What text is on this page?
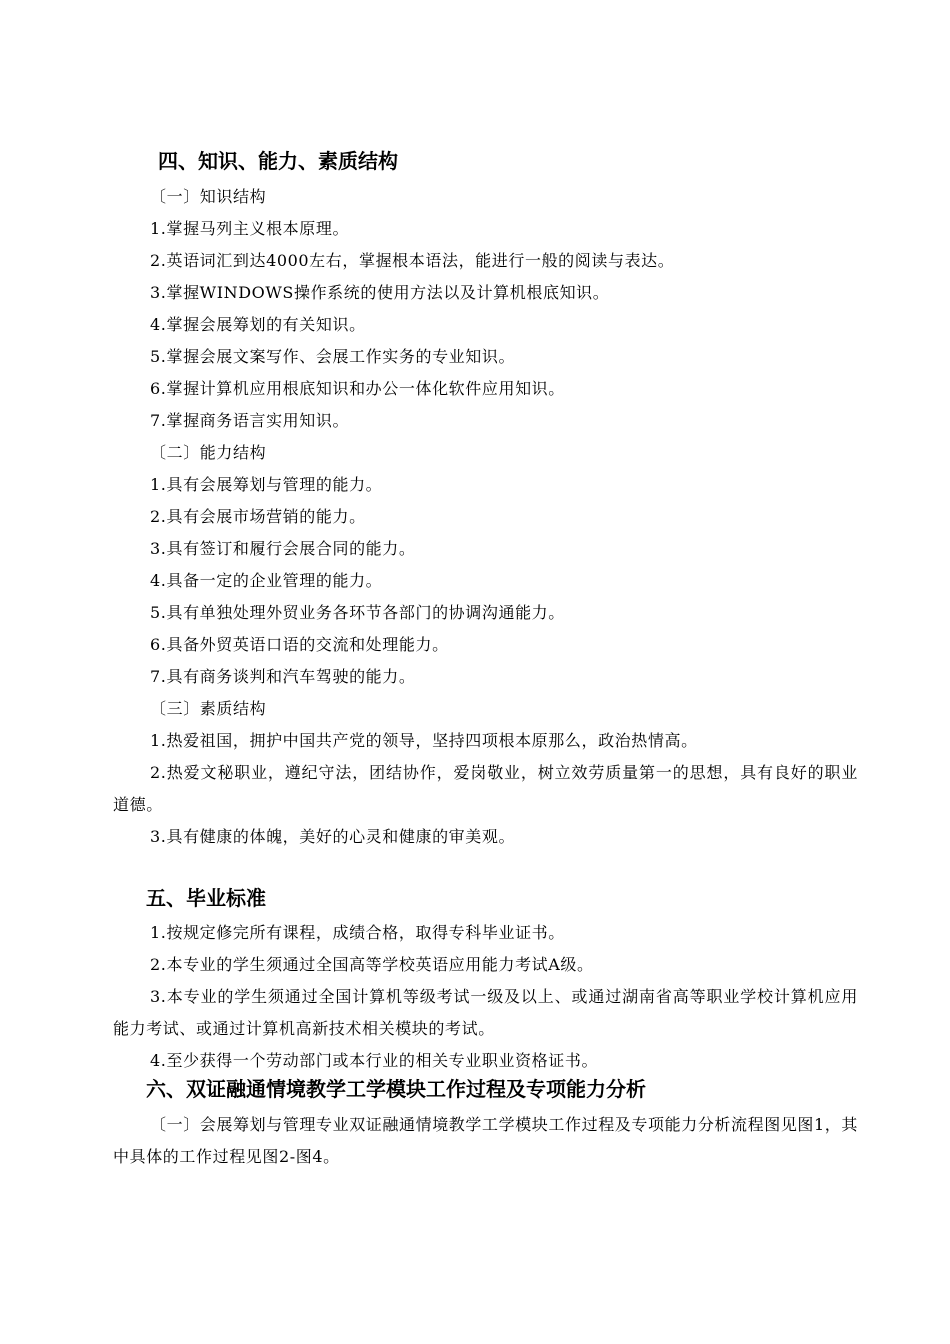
四、知识、能力、素质结构
〔一〕知识结构
1.掌握马列主义根本原理。
2.英语词汇到达4000左右，掌握根本语法，能进行一般的阅读与表达。
3.掌握WINDOWS操作系统的使用方法以及计算机根底知识。
4.掌握会展筹划的有关知识。
5.掌握会展文案写作、会展工作实务的专业知识。
6.掌握计算机应用根底知识和办公一体化软件应用知识。
7.掌握商务语言实用知识。
〔二〕能力结构
1.具有会展筹划与管理的能力。
2.具有会展市场营销的能力。
3.具有签订和履行会展合同的能力。
4.具备一定的企业管理的能力。
5.具有单独处理外贸业务各环节各部门的协调沟通能力。
6.具备外贸英语口语的交流和处理能力。
7.具有商务谈判和汽车驾驶的能力。
〔三〕素质结构
1.热爱祖国，拥护中国共产党的领导，坚持四项根本原那么，政治热情高。
2.热爱文秘职业，遵纪守法，团结协作，爱岗敬业，树立效劳质量第一的思想，具有良好的职业道德。
3.具有健康的体魄，美好的心灵和健康的审美观。
五、毕业标准
1.按规定修完所有课程，成绩合格，取得专科毕业证书。
2.本专业的学生须通过全国高等学校英语应用能力考试A级。
3.本专业的学生须通过全国计算机等级考试一级及以上、或通过湖南省高等职业学校计算机应用能力考试、或通过计算机高新技术相关模块的考试。
4.至少获得一个劳动部门或本行业的相关专业职业资格证书。
六、双证融通情境教学工学模块工作过程及专项能力分析
〔一〕会展筹划与管理专业双证融通情境教学工学模块工作过程及专项能力分析流程图见图1，其中具体的工作过程见图2-图4。
